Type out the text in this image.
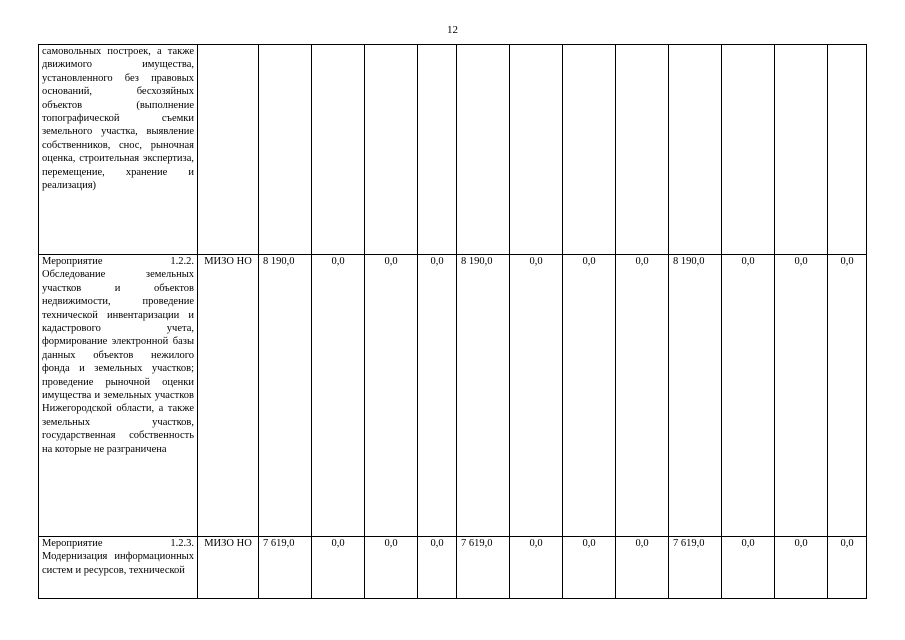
12
самовольных построек, а также движимого имущества, установленного без правовых оснований, бесхозяйных объектов (выполнение топографической съемки земельного участка, выявление собственников, снос, рыночная оценка, строительная экспертиза, перемещение, хранение и реализация)													
Мероприятие 1.2.2. Обследование земельных участков и объектов недвижимости, проведение технической инвентаризации и кадастрового учета, формирование электронной базы данных объектов нежилого фонда и земельных участков; проведение рыночной оценки имущества и земельных участков Нижегородской области, а также земельных участков, государственная собственность на которые не разграничена	МИЗО НО	8 190,0	0,0	0,0	0,0	8 190,0	0,0	0,0	0,0	8 190,0	0,0	0,0	0,0
Мероприятие 1.2.3. Модернизация информационных систем и ресурсов, технической	МИЗО НО	7 619,0	0,0	0,0	0,0	7 619,0	0,0	0,0	0,0	7 619,0	0,0	0,0	0,0
